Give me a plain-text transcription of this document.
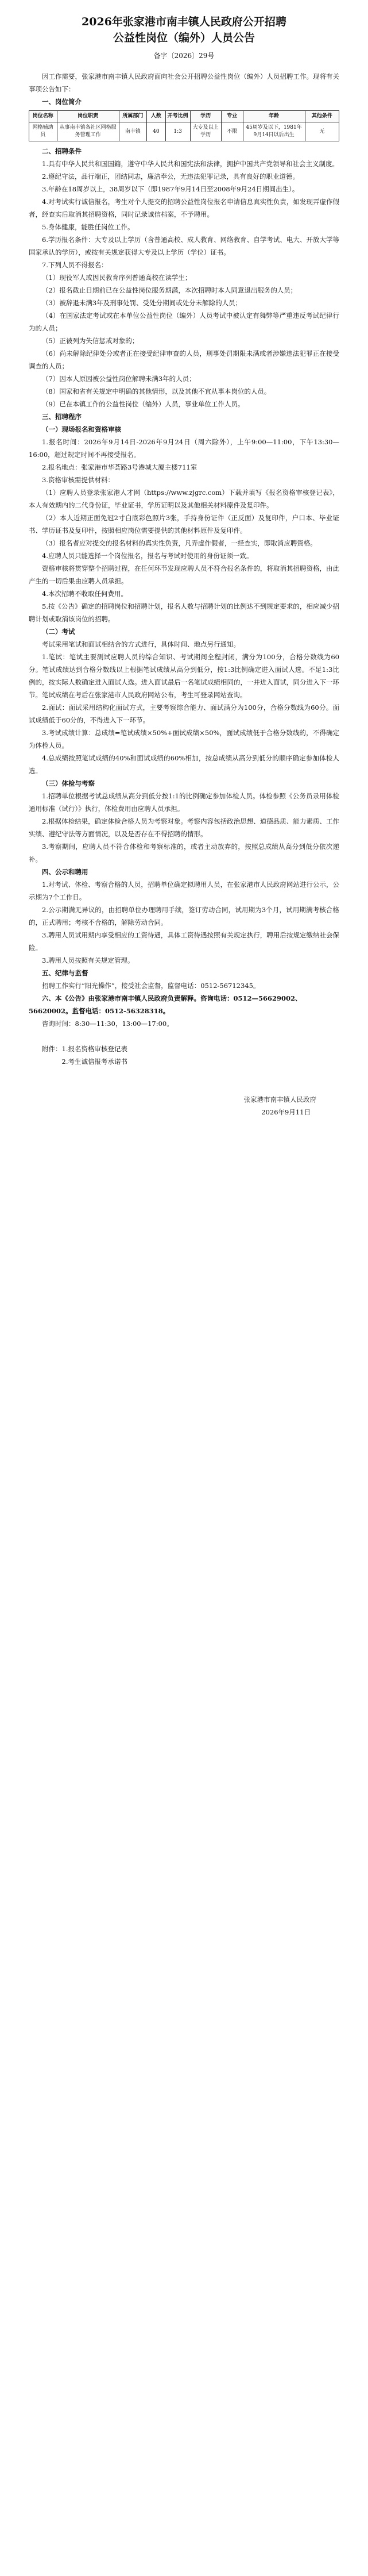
2026年张家港市南丰镇人民政府公开招聘
公益性岗位（编外）人员公告
备字〔2026〕29号

因工作需要，张家港市南丰镇人民政府面向社会公开招聘公益性岗位（编外）人员招聘工作。现将有关事项公告如下：

一、岗位简介

岗位名称	岗位职责	所属部门	人数	开考比例	学历	专业	年龄	其他条件
网格辅助员	从事南丰镇各社区网格服务管理工作	南丰镇	40	1:3	大专及以上学历	不限	45周岁及以下，1981年9月14日以后出生	无

二、招聘条件

1.具有中华人民共和国国籍，遵守中华人民共和国宪法和法律，拥护中国共产党领导和社会主义制度。

2.遵纪守法，品行端正，团结同志，廉洁奉公，无违法犯罪记录，具有良好的职业道德。

3.年龄在18周岁以上，38周岁以下（即1987年9月14日至2008年9月24日期间出生）。

4.对考试实行诚信报名，考生对个人提交的招聘公益性岗位报名申请信息真实性负责，如发现弄虚作假者，经查实后取消其招聘资格，同时记录诚信档案，不予聘用。

5.身体健康，能胜任岗位工作。

6.学历报名条件：大专及以上学历（含普通高校、成人教育、网络教育、自学考试、电大、开放大学等国家承认的学历），或按有关规定获得大专及以上学历（学位）证书。

7.下列人员不得报名：

（1）现役军人或因民教育序列普通高校在读学生；

（2）报名截止日期前已在公益性岗位服务期满，本次招聘时本人同意退出服务的人员；

（3）被辞退未满3年及刑事处罚、受处分期间或处分未解除的人员；

（4）在国家法定考试或在本单位公益性岗位（编外）人员考试中被认定有舞弊等严重违反考试纪律行为的人员；

（5）正被列为失信惩戒对象的；

（6）尚未解除纪律处分或者正在接受纪律审查的人员，刑事处罚期限未满或者涉嫌违法犯罪正在接受调查的人员；

（7）因本人原因被公益性岗位解聘未满3年的人员；

（8）国家和省有关规定中明确的其他情形，以及其他不宜从事本岗位的人员。

（9）已在本镇工作的公益性岗位（编外）人员，事业单位工作人员。

三、招聘程序

（一）现场报名和资格审核

1.报名时间：2026年9月14日-2026年9月24日（周六除外），上午9:00—11:00，下午13:30—16:00，超过规定时间不再接受报名。

2.报名地点：张家港市华荟路3号港城大厦主楼711室

3.资格审核需提供材料：

（1）应聘人员登录张家港人才网（https://www.zjgrc.com）下载并填写《报名资格审核登记表》，本人有效期内的二代身份证，毕业证书，学历证明以及其他相关材料原件及复印件。

（2）本人近期正面免冠2寸白底彩色照片3张，手持身份证件（正反面）及复印件，户口本、毕业证书、学历证书及复印件，按照相应岗位需要提供的其他材料原件及复印件。

（3）报名者应对提交的报名材料的真实性负责，凡弄虚作假者，一经查实，即取消应聘资格。

4.应聘人员只能选择一个岗位报名，报名与考试时使用的身份证须一致。

资格审核将贯穿整个招聘过程，在任何环节发现应聘人员不符合报名条件的，将取消其招聘资格，由此产生的一切后果由应聘人员承担。

4.本次招聘不收取任何费用。

5.按《公告》确定的招聘岗位和招聘计划，报名人数与招聘计划的比例达不到规定要求的，相应减少招聘计划或取消该岗位的招聘。

（二）考试

考试采用笔试和面试相结合的方式进行，具体时间、地点另行通知。

1.笔试：笔试主要测试应聘人员的综合知识、考试期间全程封闭，满分为100分，合格分数线为60分。笔试成绩达到合格分数线以上根据笔试成绩从高分到低分，按1:3比例确定进入面试人选。不足1:3比例的，按实际人数确定进入面试人选。进入面试最后一名笔试成绩相同的，一并进入面试，同分进入下一环节。笔试成绩在考后在张家港市人民政府网站公布，考生可登录网站查询。

2.面试：面试采用结构化面试方式，主要考察综合能力、面试满分为100分，合格分数线为60分。面试成绩低于60分的，不得进入下一环节。

3.考试成绩计算：总成绩=笔试成绩×50%+面试成绩×50%，面试成绩低于合格分数线的，不得确定为体检人员。

4.总成绩按照笔试成绩的40%和面试成绩的60%相加，按总成绩从高分到低分的顺序确定参加体检人选。

（三）体检与考察

1.招聘单位根据考试总成绩从高分到低分按1:1的比例确定参加体检人员。体检参照《公务员录用体检通用标准（试行）》执行，体检费用由应聘人员承担。

2.根据体检结果，确定体检合格人员为考察对象。考察内容包括政治思想、道德品质、能力素质、工作实绩、遵纪守法等方面情况，以及是否存在不得招聘的情形。

3.考察期间，应聘人员不符合体检和考察标准的，或者主动放弃的，按照总成绩从高分到低分依次递补。

四、公示和聘用

1.对考试、体检、考察合格的人员，招聘单位确定拟聘用人员，在张家港市人民政府网站进行公示，公示期为7个工作日。

2.公示期满无异议的，由招聘单位办理聘用手续，签订劳动合同，试用期为3个月，试用期满考核合格的，正式聘用；考核不合格的，解除劳动合同。

3.聘用人员试用期内享受相应的工资待遇，具体工资待遇按照有关规定执行，聘用后按规定缴纳社会保险。

3.聘用人员按照有关规定管理。

五、纪律与监督

招聘工作实行“阳光操作”，接受社会监督，监督电话：0512-56712345。

六、本《公告》由张家港市南丰镇人民政府负责解释。咨询电话：0512—56629002、56620002。监督电话：0512-56328318。

咨询时间：8:30—11:30，13:00—17:00。

附件：1.报名资格审核登记表

2.考生诚信报考承诺书

张家港市南丰镇人民政府

2026年9月11日
